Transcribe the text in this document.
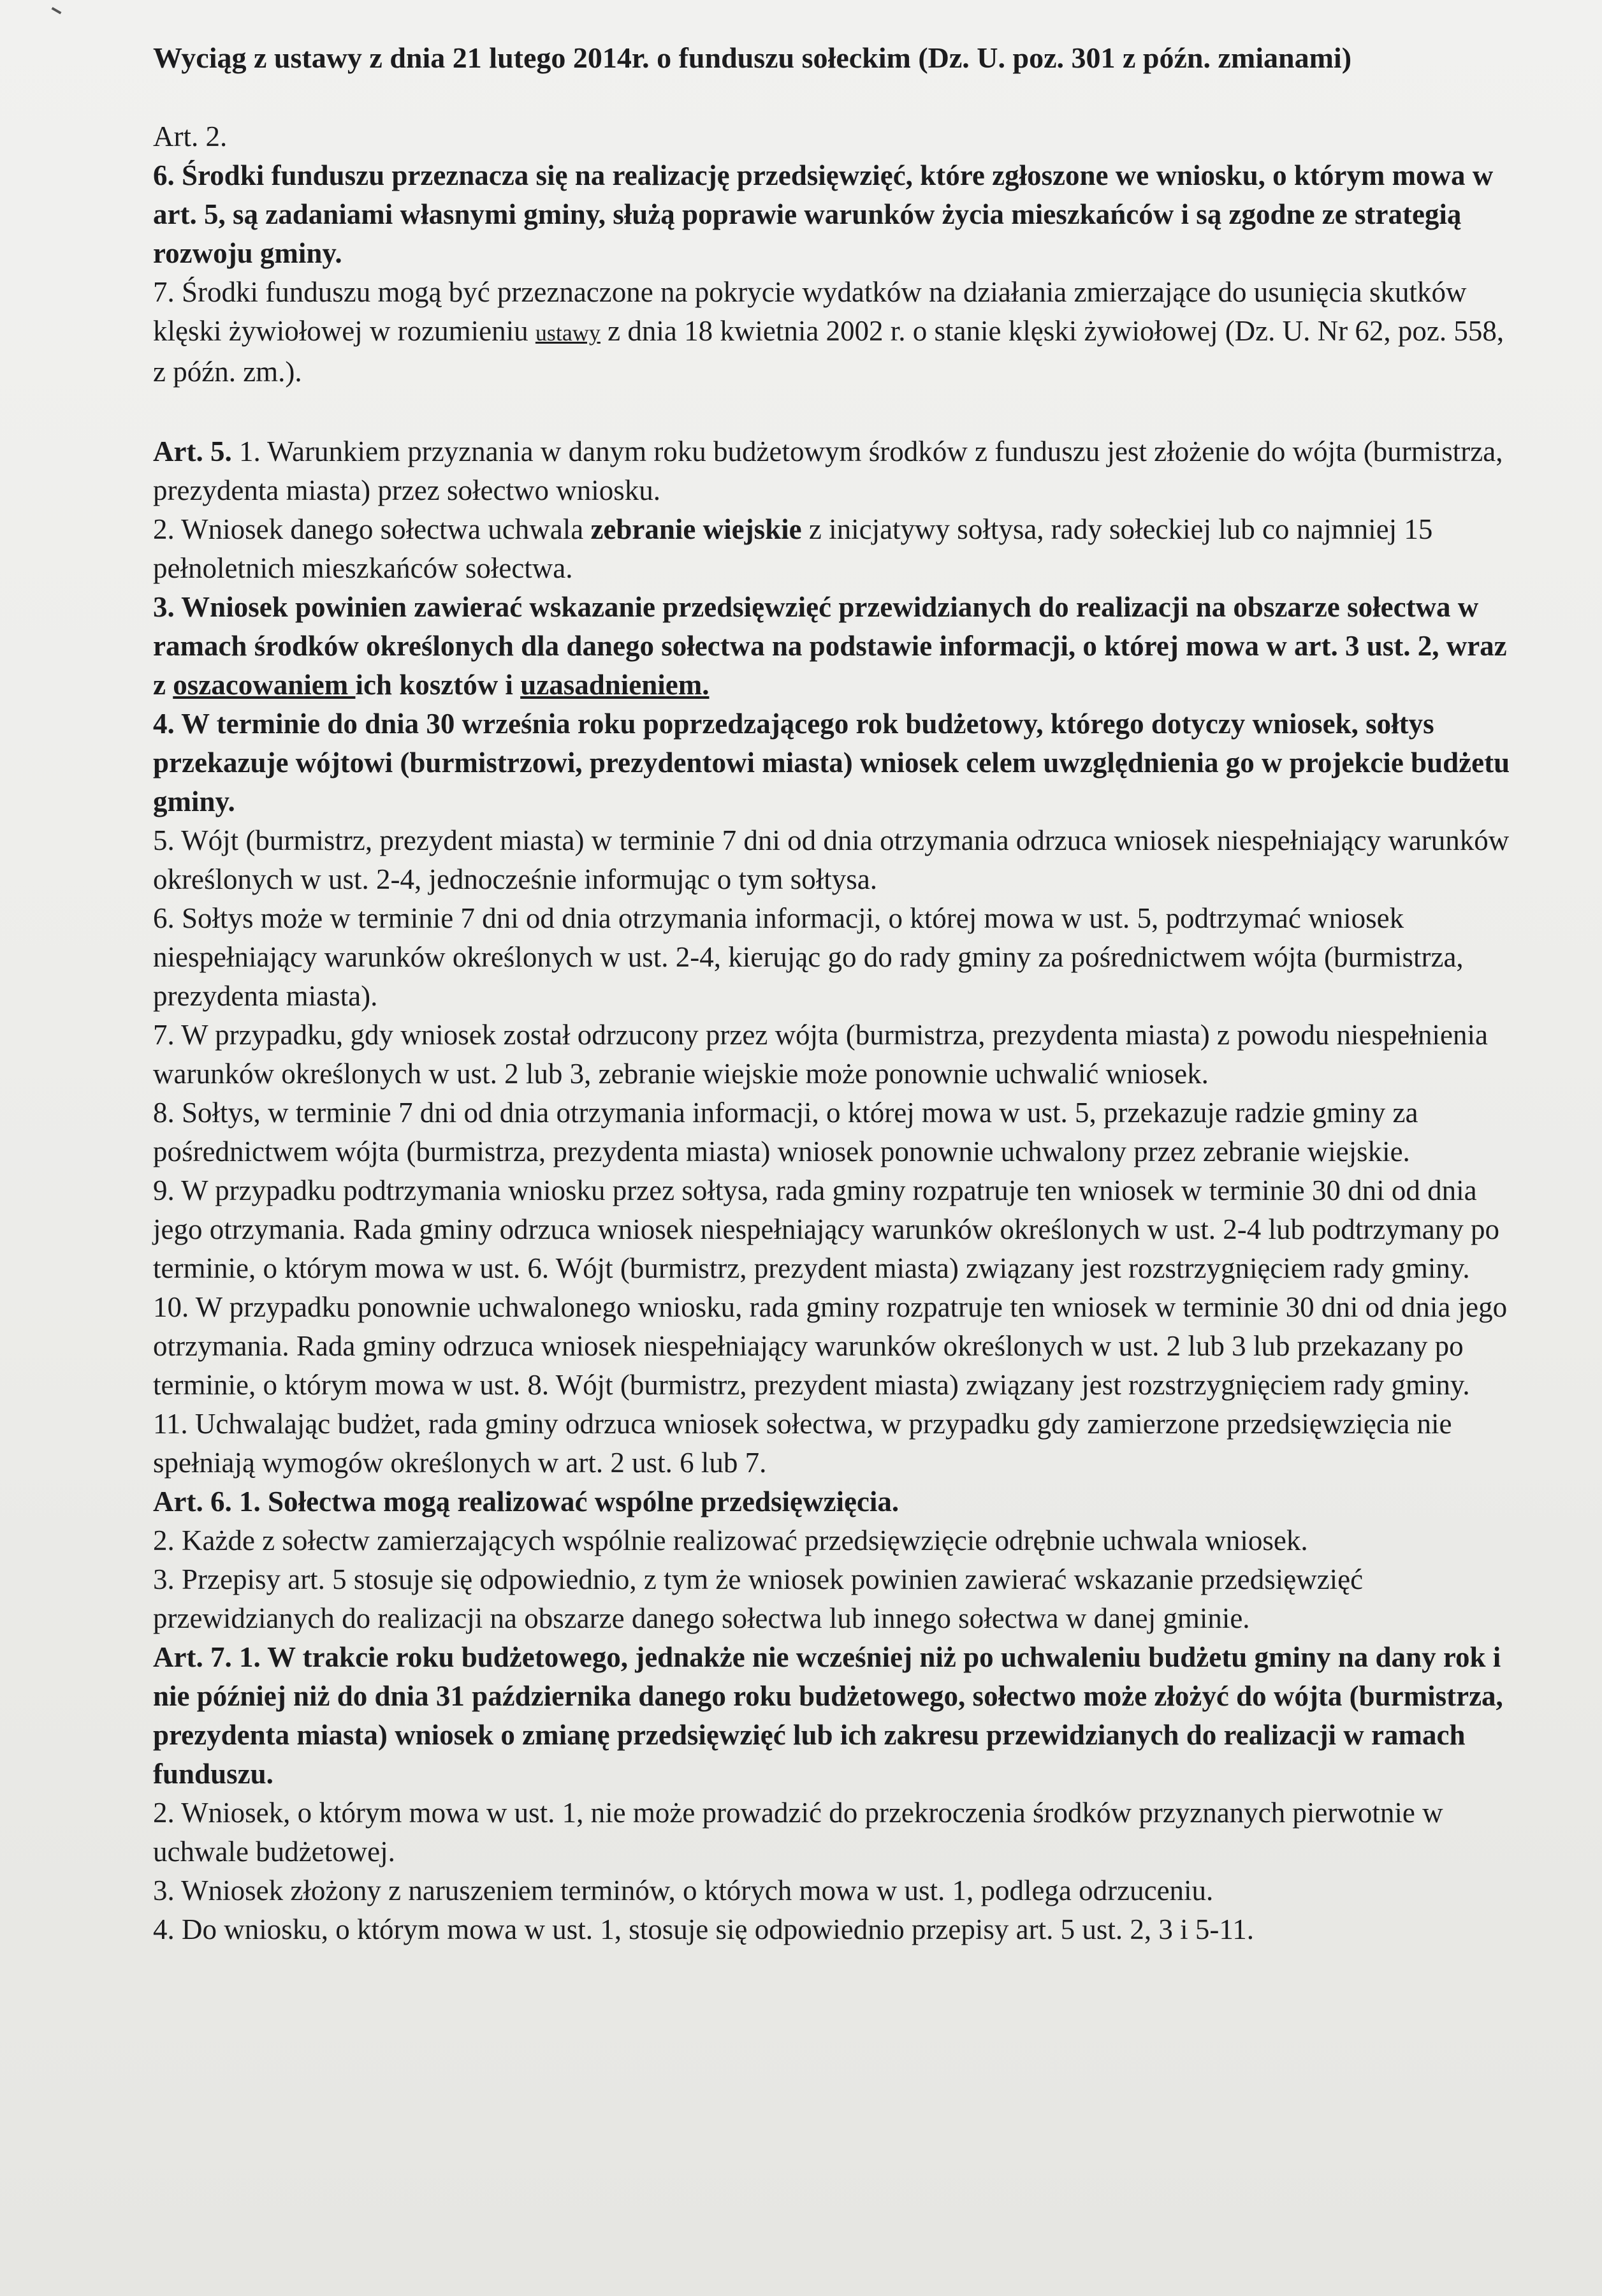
Wyciąg z ustawy z dnia 21 lutego 2014r. o funduszu sołeckim (Dz. U. poz. 301 z późn. zmianami)

Art. 2.

6. Środki funduszu przeznacza się na realizację przedsięwzięć, które zgłoszone we wniosku, o którym mowa w art. 5, są zadaniami własnymi gminy, służą poprawie warunków życia mieszkańców i są zgodne ze strategią rozwoju gminy.

7. Środki funduszu mogą być przeznaczone na pokrycie wydatków na działania zmierzające do usunięcia skutków klęski żywiołowej w rozumieniu ustawy z dnia 18 kwietnia 2002 r. o stanie klęski żywiołowej (Dz. U. Nr 62, poz. 558, z późn. zm.).

Art. 5. 1. Warunkiem przyznania w danym roku budżetowym środków z funduszu jest złożenie do wójta (burmistrza, prezydenta miasta) przez sołectwo wniosku.

2. Wniosek danego sołectwa uchwala zebranie wiejskie z inicjatywy sołtysa, rady sołeckiej lub co najmniej 15 pełnoletnich mieszkańców sołectwa.

3. Wniosek powinien zawierać wskazanie przedsięwzięć przewidzianych do realizacji na obszarze sołectwa w ramach środków określonych dla danego sołectwa na podstawie informacji, o której mowa w art. 3 ust. 2, wraz z oszacowaniem ich kosztów i uzasadnieniem.

4. W terminie do dnia 30 września roku poprzedzającego rok budżetowy, którego dotyczy wniosek, sołtys przekazuje wójtowi (burmistrzowi, prezydentowi miasta) wniosek celem uwzględnienia go w projekcie budżetu gminy.

5. Wójt (burmistrz, prezydent miasta) w terminie 7 dni od dnia otrzymania odrzuca wniosek niespełniający warunków określonych w ust. 2-4, jednocześnie informując o tym sołtysa.

6. Sołtys może w terminie 7 dni od dnia otrzymania informacji, o której mowa w ust. 5, podtrzymać wniosek niespełniający warunków określonych w ust. 2-4, kierując go do rady gminy za pośrednictwem wójta (burmistrza, prezydenta miasta).

7. W przypadku, gdy wniosek został odrzucony przez wójta (burmistrza, prezydenta miasta) z powodu niespełnienia warunków określonych w ust. 2 lub 3, zebranie wiejskie może ponownie uchwalić wniosek.

8. Sołtys, w terminie 7 dni od dnia otrzymania informacji, o której mowa w ust. 5, przekazuje radzie gminy za pośrednictwem wójta (burmistrza, prezydenta miasta) wniosek ponownie uchwalony przez zebranie wiejskie.

9. W przypadku podtrzymania wniosku przez sołtysa, rada gminy rozpatruje ten wniosek w terminie 30 dni od dnia jego otrzymania. Rada gminy odrzuca wniosek niespełniający warunków określonych w ust. 2-4 lub podtrzymany po terminie, o którym mowa w ust. 6. Wójt (burmistrz, prezydent miasta) związany jest rozstrzygnięciem rady gminy.

10. W przypadku ponownie uchwalonego wniosku, rada gminy rozpatruje ten wniosek w terminie 30 dni od dnia jego otrzymania. Rada gminy odrzuca wniosek niespełniający warunków określonych w ust. 2 lub 3 lub przekazany po terminie, o którym mowa w ust. 8. Wójt (burmistrz, prezydent miasta) związany jest rozstrzygnięciem rady gminy.

11. Uchwalając budżet, rada gminy odrzuca wniosek sołectwa, w przypadku gdy zamierzone przedsięwzięcia nie spełniają wymogów określonych w art. 2 ust. 6 lub 7.

Art. 6. 1. Sołectwa mogą realizować wspólne przedsięwzięcia.

2. Każde z sołectw zamierzających wspólnie realizować przedsięwzięcie odrębnie uchwala wniosek.

3. Przepisy art. 5 stosuje się odpowiednio, z tym że wniosek powinien zawierać wskazanie przedsięwzięć przewidzianych do realizacji na obszarze danego sołectwa lub innego sołectwa w danej gminie.

Art. 7. 1. W trakcie roku budżetowego, jednakże nie wcześniej niż po uchwaleniu budżetu gminy na dany rok i nie później niż do dnia 31 października danego roku budżetowego, sołectwo może złożyć do wójta (burmistrza, prezydenta miasta) wniosek o zmianę przedsięwzięć lub ich zakresu przewidzianych do realizacji w ramach funduszu.

2. Wniosek, o którym mowa w ust. 1, nie może prowadzić do przekroczenia środków przyznanych pierwotnie w uchwale budżetowej.

3. Wniosek złożony z naruszeniem terminów, o których mowa w ust. 1, podlega odrzuceniu.

4. Do wniosku, o którym mowa w ust. 1, stosuje się odpowiednio przepisy art. 5 ust. 2, 3 i 5-11.
